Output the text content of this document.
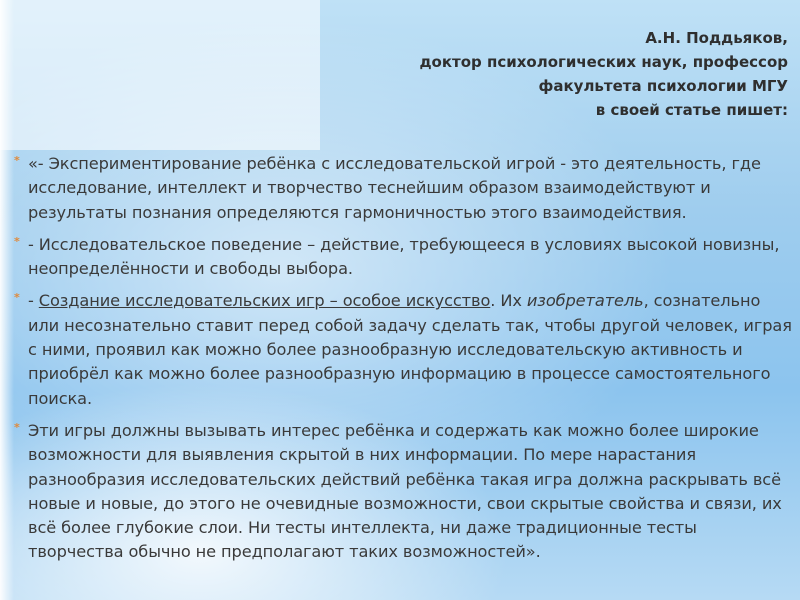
А.Н. Поддьяков,
доктор психологических наук, профессор
факультета психологии МГУ
в своей статье пишет:
* «- Экспериментирование ребёнка с исследовательской игрой - это деятельность, где исследование, интеллект и творчество теснейшим образом взаимодействуют и результаты познания определяются гармоничностью этого взаимодействия.
* - Исследовательское поведение – действие, требующееся в условиях высокой новизны, неопределённости и свободы выбора.
* - Создание исследовательских игр – особое искусство. Их изобретатель, сознательно или несознательно ставит перед собой задачу сделать так, чтобы другой человек, играя с ними, проявил как можно более разнообразную исследовательскую активность и приобрёл как можно более разнообразную информацию в процессе самостоятельного поиска.
* Эти игры должны вызывать интерес ребёнка и содержать как можно более широкие возможности для выявления скрытой в них информации. По мере нарастания разнообразия исследовательских действий ребёнка такая игра должна раскрывать всё новые и новые, до этого не очевидные возможности, свои скрытые свойства и связи, их всё более глубокие слои. Ни тесты интеллекта, ни даже традиционные тесты творчества обычно не предполагают таких возможностей».
